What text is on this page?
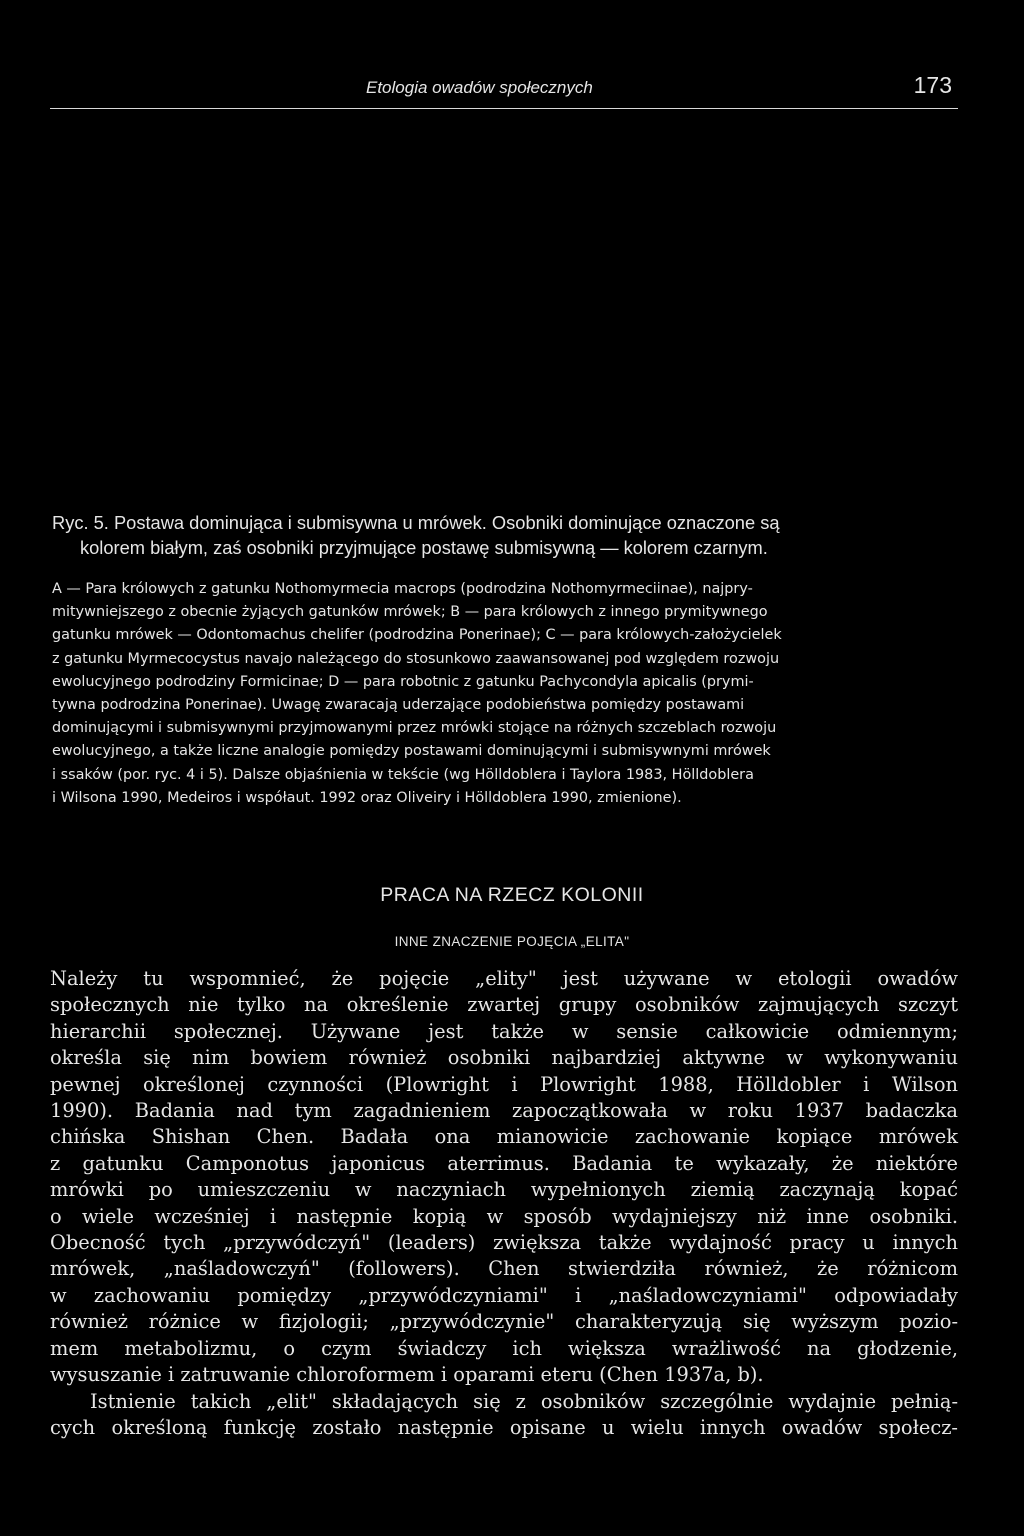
Etologia owadów społecznych	173
Ryc. 5. Postawa dominująca i submisywna u mrówek. Osobniki dominujące oznaczone są
kolorem białym, zaś osobniki przyjmujące postawę submisywną — kolorem czarnym.
A — Para królowych z gatunku Nothomyrmecia macrops (podrodzina Nothomyrmeciinae), najpry-
mitywniejszego z obecnie żyjących gatunków mrówek; B — para królowych z innego prymitywnego
gatunku mrówek — Odontomachus chelifer (podrodzina Ponerinae); C — para królowych-założycielek
z gatunku Myrmecocystus navajo należącego do stosunkowo zaawansowanej pod względem rozwoju
ewolucyjnego podrodziny Formicinae; D — para robotnic z gatunku Pachycondyla apicalis (prymi-
tywna podrodzina Ponerinae). Uwagę zwaracają uderzające podobieństwa pomiędzy postawami
dominującymi i submisywnymi przyjmowanymi przez mrówki stojące na różnych szczeblach rozwoju
ewolucyjnego, a także liczne analogie pomiędzy postawami dominującymi i submisywnymi mrówek
i ssaków (por. ryc. 4 i 5). Dalsze objaśnienia w tekście (wg Hölldoblera i Taylora 1983, Hölldoblera
i Wilsona 1990, Medeiros i współaut. 1992 oraz Oliveiry i Hölldoblera 1990, zmienione).
PRACA NA RZECZ KOLONII
INNE ZNACZENIE POJĘCIA „ELITA"
Należy tu wspomnieć, że pojęcie „elity" jest używane w etologii owadów
społecznych nie tylko na określenie zwartej grupy osobników zajmujących szczyt
hierarchii społecznej. Używane jest także w sensie całkowicie odmiennym;
określa się nim bowiem również osobniki najbardziej aktywne w wykonywaniu
pewnej określonej czynności (Plowright i Plowright 1988, Hölldobler i Wilson
1990). Badania nad tym zagadnieniem zapoczątkowała w roku 1937 badaczka
chińska Shishan Chen. Badała ona mianowicie zachowanie kopiące mrówek
z gatunku Camponotus japonicus aterrimus. Badania te wykazały, że niektóre
mrówki po umieszczeniu w naczyniach wypełnionych ziemią zaczynają kopać
o wiele wcześniej i następnie kopią w sposób wydajniejszy niż inne osobniki.
Obecność tych „przywódczyń" (leaders) zwiększa także wydajność pracy u innych
mrówek, „naśladowczyń" (followers). Chen stwierdziła również, że różnicom
w zachowaniu pomiędzy „przywódczyniami" i „naśladowczyniami" odpowiadały
również różnice w fizjologii; „przywódczynie" charakteryzują się wyższym pozio-
mem metabolizmu, o czym świadczy ich większa wrażliwość na głodzenie,
wysuszanie i zatruwanie chloroformem i oparami eteru (Chen 1937a, b).
Istnienie takich „elit" składających się z osobników szczególnie wydajnie pełnią-
cych określoną funkcję zostało następnie opisane u wielu innych owadów społecz-
